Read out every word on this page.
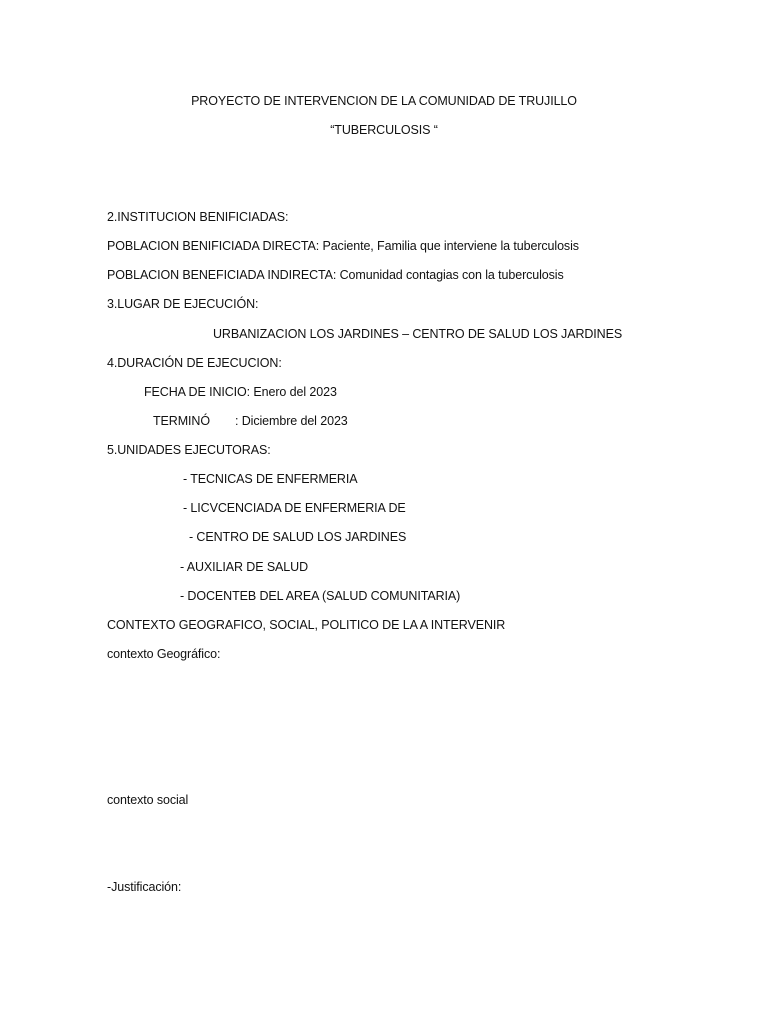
PROYECTO DE INTERVENCION DE LA COMUNIDAD DE TRUJILLO
“TUBERCULOSIS “
2.INSTITUCION BENIFICIADAS:
POBLACION BENIFICIADA DIRECTA: Paciente, Familia que interviene la tuberculosis
POBLACION BENEFICIADA INDIRECTA: Comunidad contagias con la tuberculosis
3.LUGAR DE EJECUCIÓN:
URBANIZACION LOS JARDINES – CENTRO DE SALUD LOS JARDINES
4.DURACIÓN DE EJECUCION:
FECHA DE INICIO: Enero del 2023
TERMINÓ : Diciembre del 2023
5.UNIDADES EJECUTORAS:
- TECNICAS DE ENFERMERIA
- LICVCENCIADA DE ENFERMERIA DE
- CENTRO DE SALUD LOS JARDINES
- AUXILIAR DE SALUD
- DOCENTEB DEL AREA (SALUD COMUNITARIA)
CONTEXTO GEOGRAFICO, SOCIAL, POLITICO DE LA A INTERVENIR
contexto Geográfico:
contexto social
-Justificación:
